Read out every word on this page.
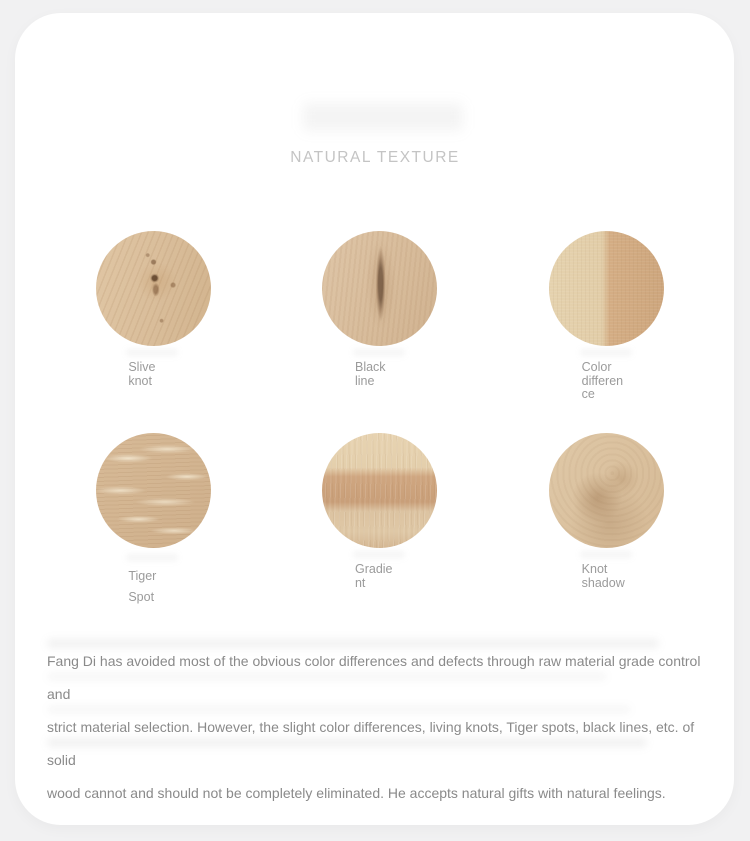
NATURAL TEXTURE
Slive
knot
Black
line
Color
differen
ce
Tiger
Spot
Gradie
nt
Knot
shadow
Fang Di has avoided most of the obvious color differences and defects through raw material grade control and
strict material selection. However, the slight color differences, living knots, Tiger spots, black lines, etc. of solid
wood cannot and should not be completely eliminated. He accepts natural gifts with natural feelings.
